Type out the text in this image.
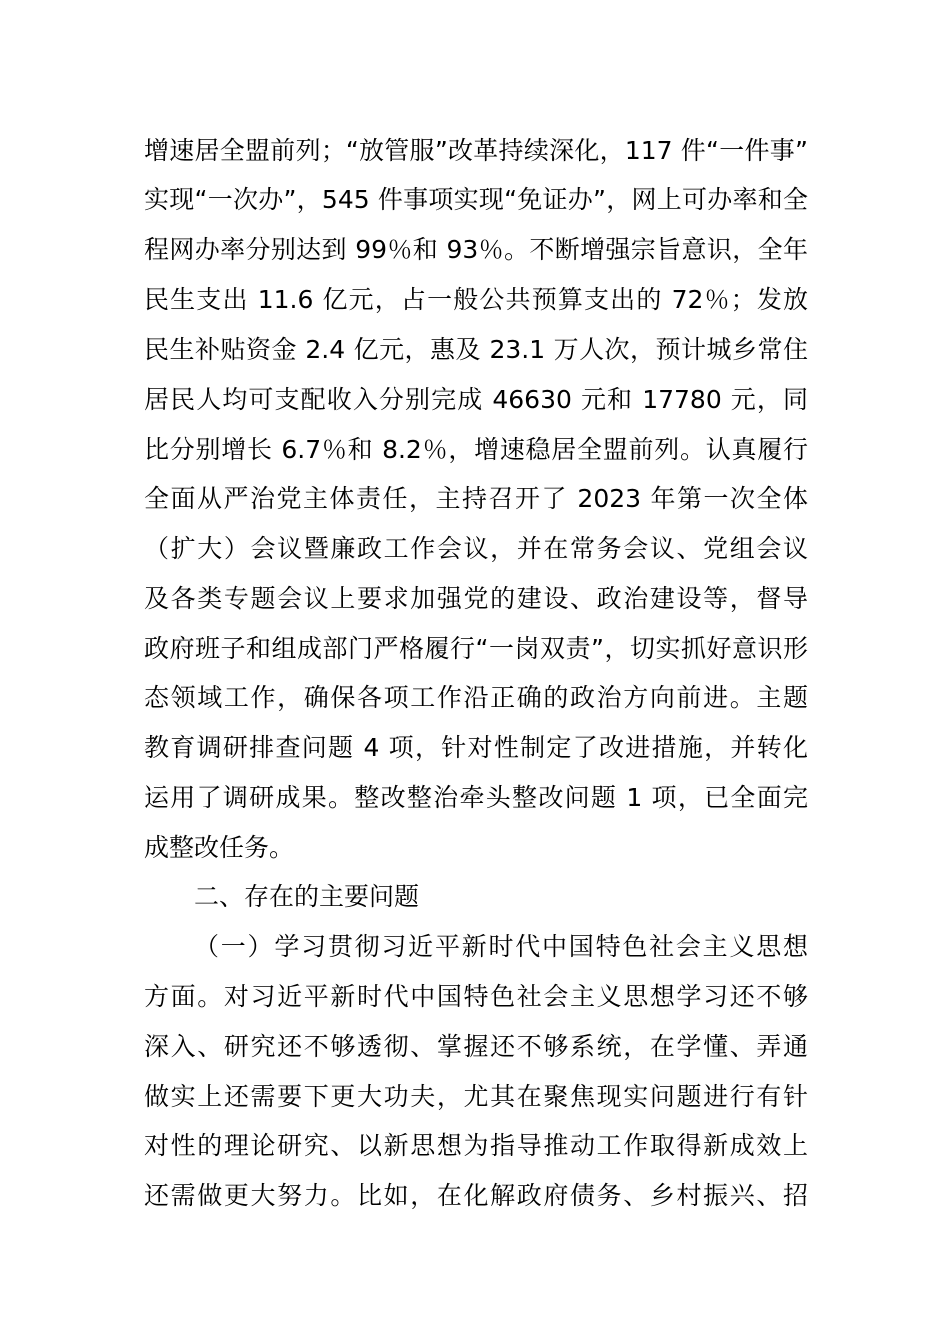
增速居全盟前列；“放管服”改革持续深化，117 件“一件事”
实现“一次办”，545 件事项实现“免证办”，网上可办率和全
程网办率分别达到 99％和 93％。不断增强宗旨意识，全年
民生支出 11.6 亿元，占一般公共预算支出的 72％；发放
民生补贴资金 2.4 亿元，惠及 23.1 万人次，预计城乡常住
居民人均可支配收入分别完成 46630 元和 17780 元，同
比分别增长 6.7％和 8.2％，增速稳居全盟前列。认真履行
全面从严治党主体责任，主持召开了 2023 年第一次全体
（扩大）会议暨廉政工作会议，并在常务会议、党组会议
及各类专题会议上要求加强党的建设、政治建设等，督导
政府班子和组成部门严格履行“一岗双责”，切实抓好意识形
态领域工作，确保各项工作沿正确的政治方向前进。主题
教育调研排查问题 4 项，针对性制定了改进措施，并转化
运用了调研成果。整改整治牵头整改问题 1 项，已全面完
成整改任务。
二、存在的主要问题
（一）学习贯彻习近平新时代中国特色社会主义思想
方面。对习近平新时代中国特色社会主义思想学习还不够
深入、研究还不够透彻、掌握还不够系统，在学懂、弄通
做实上还需要下更大功夫，尤其在聚焦现实问题进行有针
对性的理论研究、以新思想为指导推动工作取得新成效上
还需做更大努力。比如，在化解政府债务、乡村振兴、招
